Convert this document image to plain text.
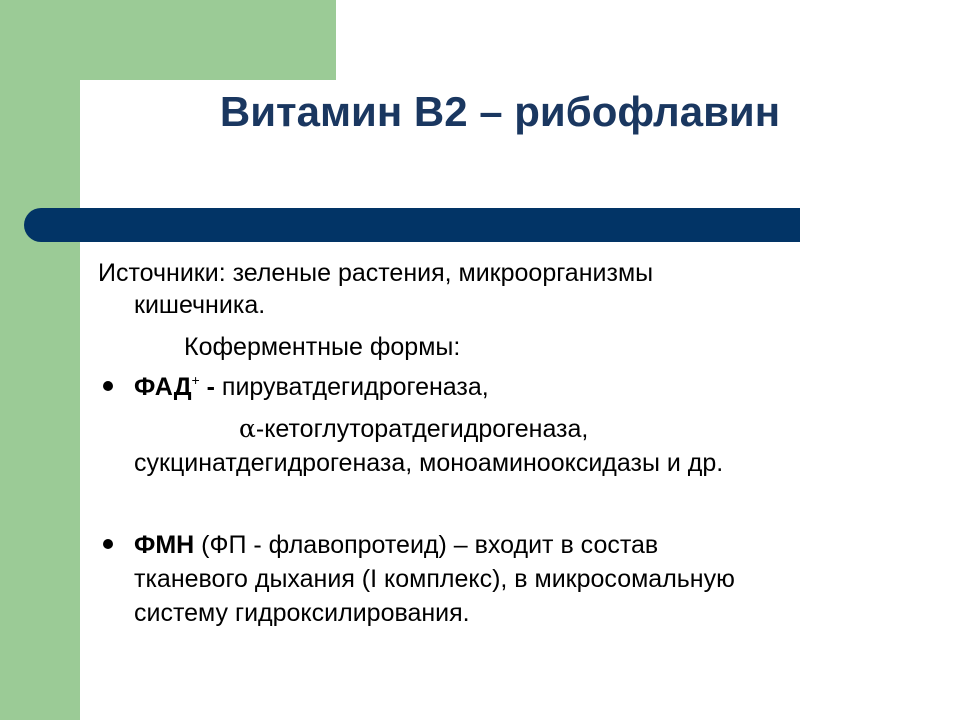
Витамин В2 – рибофлавин
Источники: зеленые растения, микроорганизмы
кишечника.
Коферментные формы:
ФАД+ - пируватдегидрогеназа,
α-кетоглуторатдегидрогеназа,
сукцинатдегидрогеназа, моноаминооксидазы и др.
ФМН (ФП - флавопротеид) – входит в состав
тканевого дыхания (I комплекс), в микросомальную
систему гидроксилирования.
